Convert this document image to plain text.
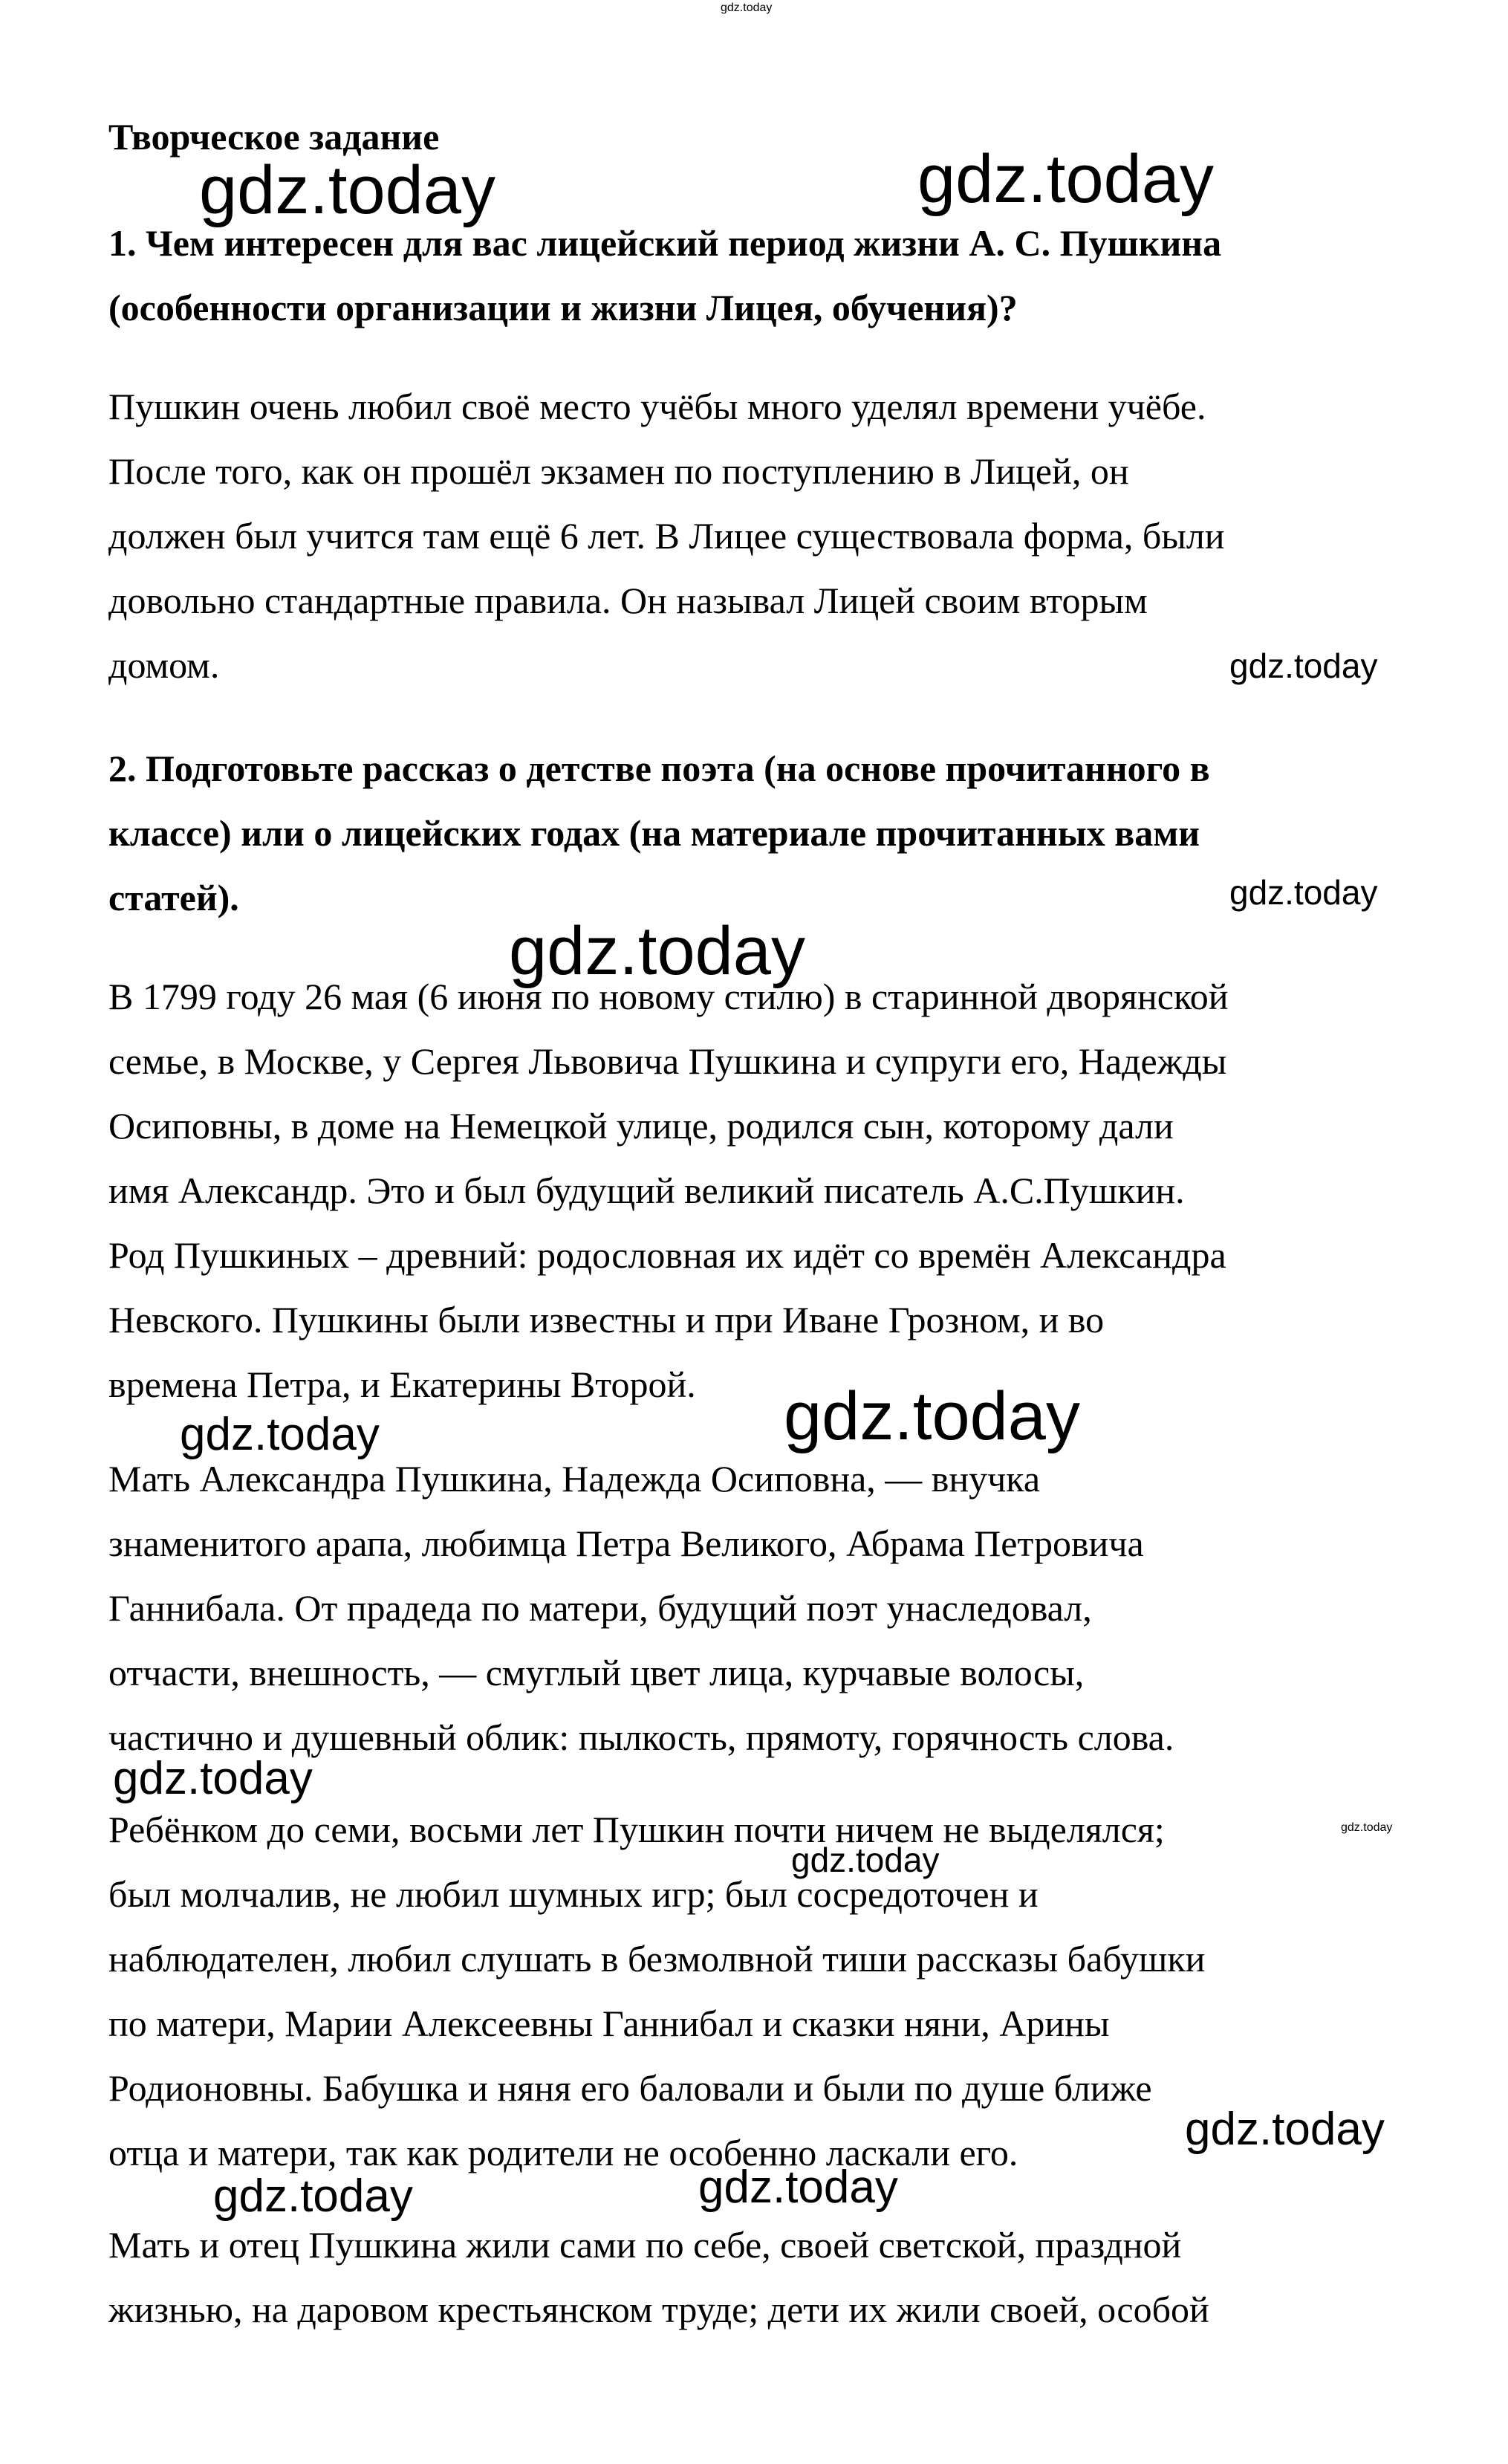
gdz.today
Творческое задание
1. Чем интересен для вас лицейский период жизни А. С. Пушкина
(особенности организации и жизни Лицея, обучения)?
Пушкин очень любил своё место учёбы много уделял времени учёбе.
После того, как он прошёл экзамен по поступлению в Лицей, он
должен был учится там ещё 6 лет. В Лицее существовала форма, были
довольно стандартные правила. Он называл Лицей своим вторым
домом.
2. Подготовьте рассказ о детстве поэта (на основе прочитанного в
классе) или о лицейских годах (на материале прочитанных вами
статей).
В 1799 году 26 мая (6 июня по новому стилю) в старинной дворянской
семье, в Москве, у Сергея Львовича Пушкина и супруги его, Надежды
Осиповны, в доме на Немецкой улице, родился сын, которому дали
имя Александр. Это и был будущий великий писатель А.С.Пушкин.
Род Пушкиных – древний: родословная их идёт со времён Александра
Невского. Пушкины были известны и при Иване Грозном, и во
времена Петра, и Екатерины Второй.
Мать Александра Пушкина, Надежда Осиповна, — внучка
знаменитого арапа, любимца Петра Великого, Абрама Петровича
Ганнибала. От прадеда по матери, будущий поэт унаследовал,
отчасти, внешность, — смуглый цвет лица, курчавые волосы,
частично и душевный облик: пылкость, прямоту, горячность слова.
Ребёнком до семи, восьми лет Пушкин почти ничем не выделялся;
был молчалив, не любил шумных игр; был сосредоточен и
наблюдателен, любил слушать в безмолвной тиши рассказы бабушки
по матери, Марии Алексеевны Ганнибал и сказки няни, Арины
Родионовны. Бабушка и няня его баловали и были по душе ближе
отца и матери, так как родители не особенно ласкали его.
Мать и отец Пушкина жили сами по себе, своей светской, праздной
жизнью, на даровом крестьянском труде; дети их жили своей, особой
gdz.today	gdz.today
gdz.today
gdz.today
gdz.today
gdz.today
gdz.today
gdz.today
gdz.today
gdz.today
gdz.today
gdz.today	gdz.today
